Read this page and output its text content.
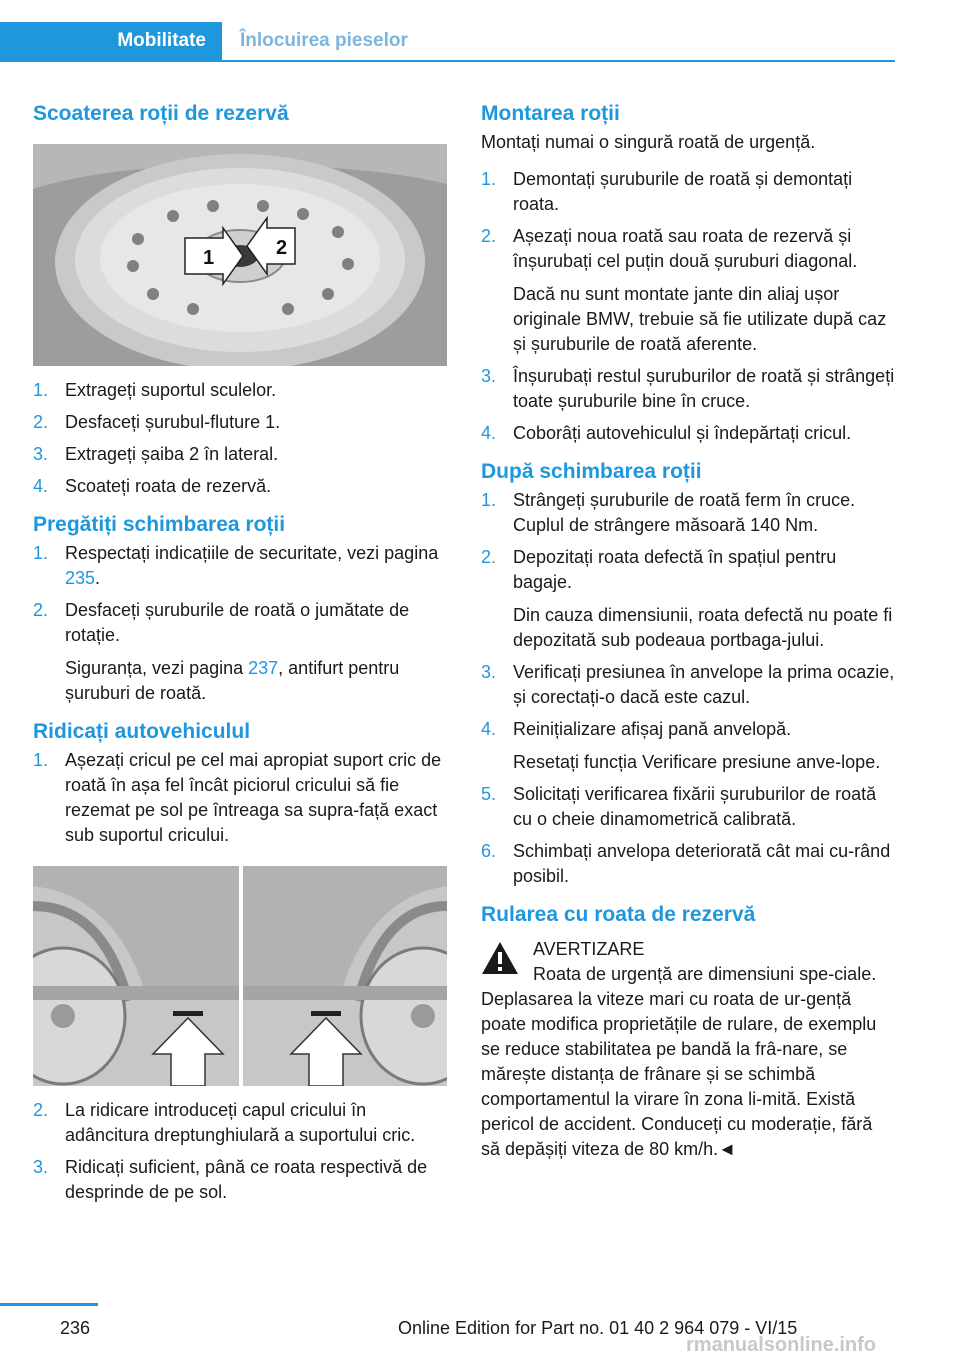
Mobilitate Înlocuirea pieselor
Scoaterea roții de rezervă
1	2
1. Extrageți suportul sculelor.
2. Desfaceți șurubul-fluture 1.
3. Extrageți șaiba 2 în lateral.
4. Scoateți roata de rezervă.
Pregătiți schimbarea roții
1. Respectați indicațiile de securitate, vezi pagina 235.
2. Desfaceți șuruburile de roată o jumătate de rotație.

Siguranța, vezi pagina 237, antifurt pentru șuruburi de roată.

Ridicați autovehiculul
1. Așezați cricul pe cel mai apropiat suport cric de roată în așa fel încât piciorul cricului să fie rezemat pe sol pe întreaga sa supra‐față exact sub suportul cricului.
2. La ridicare introduceți capul cricului în adâncitura dreptunghiulară a suportului cric.
3. Ridicați suficient, până ce roata respectivă de desprinde de pe sol.
Montarea roții

Montați numai o singură roată de urgență.

1. Demontați șuruburile de roată și demontați roata.
2. Așezați noua roată sau roata de rezervă și înșurubați cel puțin două șuruburi diagonal.

Dacă nu sunt montate jante din aliaj ușor originale BMW, trebuie să fie utilizate după caz și șuruburile de roată aferente.

3. Înșurubați restul șuruburilor de roată și strângeți toate șuruburile bine în cruce.
4. Coborâți autovehiculul și îndepărtați cricul.
După schimbarea roții
1. Strângeți șuruburile de roată ferm în cruce. Cuplul de strângere măsoară 140 Nm.
2. Depozitați roata defectă în spațiul pentru bagaje.

Din cauza dimensiunii, roata defectă nu poate fi depozitată sub podeaua portbaga‐jului.

3. Verificați presiunea în anvelope la prima ocazie, și corectați-o dacă este cazul.
4. Reinițializare afișaj pană anvelopă.

Resetați funcția Verificare presiune anve‐lope.

5. Solicitați verificarea fixării șuruburilor de roată cu o cheie dinamometrică calibrată.
6. Schimbați anvelopa deteriorată cât mai cu‐rând posibil.
Rularea cu roata de rezervă

AVERTIZARE

Roata de urgență are dimensiuni spe‐ciale. Deplasarea la viteze mari cu roata de ur‐gență poate modifica proprietățile de rulare, de exemplu se reduce stabilitatea pe bandă la frâ‐nare, se mărește distanța de frânare și se schimbă comportamentul la virare în zona li‐mită. Există pericol de accident. Conduceți cu moderație, fără să depășiți viteza de 80 km/h.◄

236	Online Edition for Part no. 01 40 2 964 079 - VI/15
rmanualsonline.info
